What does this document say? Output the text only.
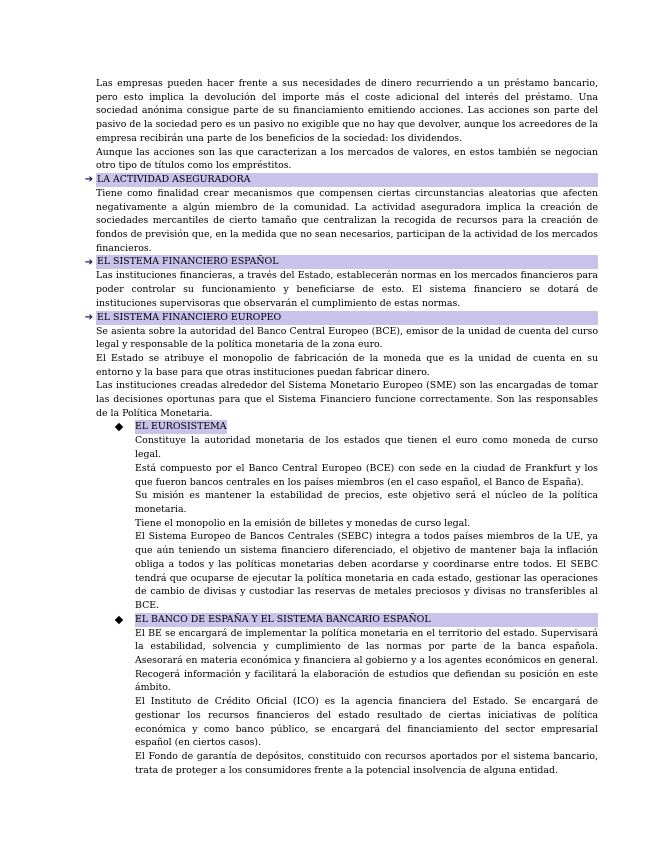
Las empresas pueden hacer frente a sus necesidades de dinero recurriendo a un préstamo bancario, pero esto implica la devolución del importe más el coste adicional del interés del préstamo. Una sociedad anónima consigue parte de su financiamiento emitiendo acciones. Las acciones son parte del pasivo de la sociedad pero es un pasivo no exigible que no hay que devolver, aunque los acreedores de la empresa recibirán una parte de los beneficios de la sociedad: los dividendos.

Aunque las acciones son las que caracterizan a los mercados de valores, en estos también se negocian otro tipo de títulos como los empréstitos.

➔ LA ACTIVIDAD ASEGURADORA

Tiene como finalidad crear mecanismos que compensen ciertas circunstancias aleatorias que afecten negativamente a algún miembro de la comunidad. La actividad aseguradora implica la creación de sociedades mercantiles de cierto tamaño que centralizan la recogida de recursos para la creación de fondos de previsión que, en la medida que no sean necesarios, participan de la actividad de los mercados financieros.

➔ EL SISTEMA FINANCIERO ESPAÑOL

Las instituciones financieras, a través del Estado, establecerán normas en los mercados financieros para poder controlar su funcionamiento y beneficiarse de esto. El sistema financiero se dotará de instituciones supervisoras que observarán el cumplimiento de estas normas.

➔ EL SISTEMA FINANCIERO EUROPEO

Se asienta sobre la autoridad del Banco Central Europeo (BCE), emisor de la unidad de cuenta del curso legal y responsable de la política monetaria de la zona euro.

El Estado se atribuye el monopolio de fabricación de la moneda que es la unidad de cuenta en su entorno y la base para que otras instituciones puedan fabricar dinero.

Las instituciones creadas alrededor del Sistema Monetario Europeo (SME) son las encargadas de tomar las decisiones oportunas para que el Sistema Financiero funcione correctamente. Son las responsables de la Política Monetaria.

EL EUROSISTEMA

Constituye la autoridad monetaria de los estados que tienen el euro como moneda de curso legal.

Está compuesto por el Banco Central Europeo (BCE) con sede en la ciudad de Frankfurt y los que fueron bancos centrales en los países miembros (en el caso español, el Banco de España).

Su misión es mantener la estabilidad de precios, este objetivo será el núcleo de la política monetaria.

Tiene el monopolio en la emisión de billetes y monedas de curso legal.

El Sistema Europeo de Bancos Centrales (SEBC) integra a todos países miembros de la UE, ya que aún teniendo un sistema financiero diferenciado, el objetivo de mantener baja la inflación obliga a todos y las políticas monetarias deben acordarse y coordinarse entre todos. El SEBC tendrá que ocuparse de ejecutar la política monetaria en cada estado, gestionar las operaciones de cambio de divisas y custodiar las reservas de metales preciosos y divisas no transferibles al BCE.

EL BANCO DE ESPAÑA Y EL SISTEMA BANCARIO ESPAÑOL

El BE se encargará de implementar la política monetaria en el territorio del estado. Supervisará la estabilidad, solvencia y cumplimiento de las normas por parte de la banca española. Asesorará en materia económica y financiera al gobierno y a los agentes económicos en general. Recogerá información y facilitará la elaboración de estudios que defiendan su posición en este ámbito.

El Instituto de Crédito Oficial (ICO) es la agencia financiera del Estado. Se encargará de gestionar los recursos financieros del estado resultado de ciertas iniciativas de política económica y como banco público, se encargará del financiamiento del sector empresarial español (en ciertos casos).

El Fondo de garantía de depósitos, constituido con recursos aportados por el sistema bancario, trata de proteger a los consumidores frente a la potencial insolvencia de alguna entidad.
